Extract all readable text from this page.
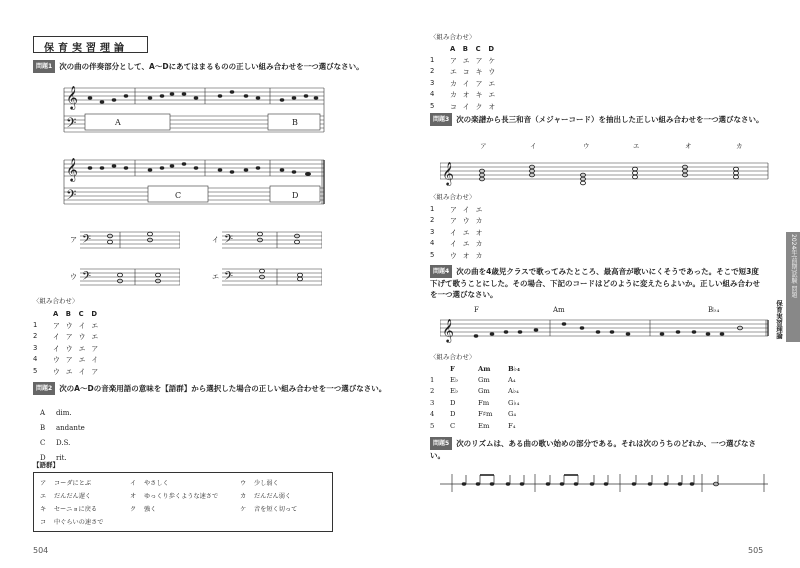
保育実習理論
問題1 次の曲の伴奏部分として、A～Dにあてはまるものの正しい組み合わせを一つ選びなさい。
𝄞
𝄢	A	B
𝄞
𝄢	C	D
ア 𝄢	イ 𝄢
ウ 𝄢	エ 𝄢
〈組み合わせ〉
	A	B	C	D
1	ア	ウ	イ	エ
2	イ	ア	ウ	エ
3	イ	ウ	エ	ア
4	ウ	ア	エ	イ
5	ウ	エ	イ	ア
問題2 次のA～Dの音楽用語の意味を【語群】から選択した場合の正しい組み合わせを一つ選びなさい。
A dim.
B andante
C D.S.
D rit.
【語群】
ア	コーダにとぶ	イ	やさしく	ウ	少し弱く
エ	だんだん遅く	オ	ゆっくり歩くような速さで	カ	だんだん弱く
キ	セーニョに戻る	ク	強く	ケ	音を短く切って
コ	中ぐらいの速さで
504
〈組み合わせ〉
	A	B	C	D
1	ア	エ	ア	ケ
2	エ	コ	キ	ウ
3	カ	イ	ア	エ
4	カ	オ	キ	エ
5	コ	イ	ク	オ
問題3 次の楽譜から長三和音（メジャーコード）を抽出した正しい組み合わせを一つ選びなさい。
ア	イ	ウ	エ	オ	カ
𝄞
〈組み合わせ〉
1	ア	イ	エ
2	ア	ウ	カ
3	イ	エ	オ
4	イ	エ	カ
5	ウ	オ	カ
問題4 次の曲を4歳児クラスで歌ってみたところ、最高音が歌いにくそうであった。そこで短3度下げて歌うことにした。その場合、下記のコードはどのように変えたらよいか。正しい組み合わせを一つ選びなさい。
F	Am	B♭₄
𝄞
〈組み合わせ〉
	F	Am	B♭₄
1	E♭	Gm	A₄
2	E♭	Gm	A♭₄
3	D	Fm	G♭₄
4	D	F♯m	G₄
5	C	Em	F₄
問題5 次のリズムは、ある曲の歌い始めの部分である。それは次のうちのどれか、一つ選びなさい。
505
2024年(前期)試験 問題
保育実習理論
